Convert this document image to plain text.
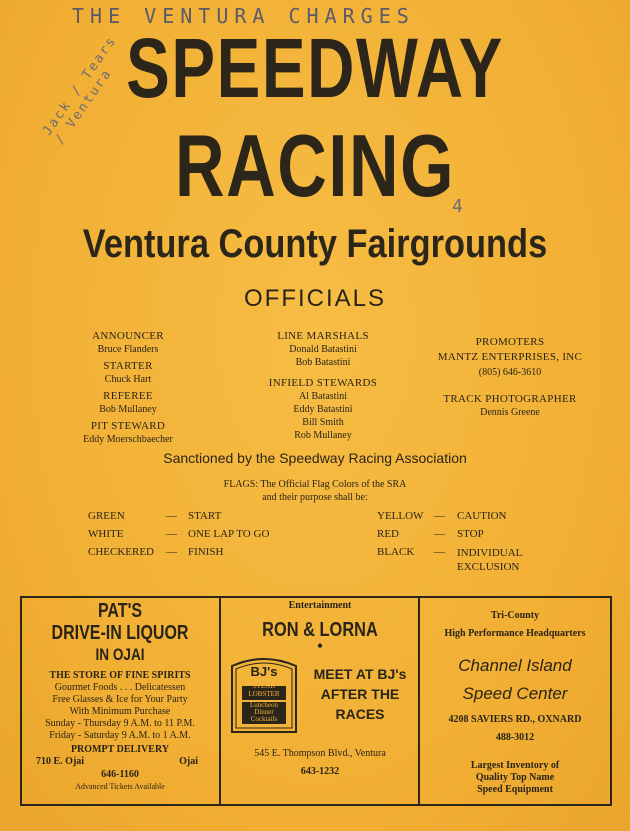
THE VENTURA CHARGES
Jack / Tears / Ventura
4
SPEEDWAY
RACING
Ventura County Fairgrounds
OFFICIALS
ANNOUNCER
Bruce Flanders
STARTER
Chuck Hart
REFEREE
Bob Mullaney
PIT STEWARD
Eddy Moerschbaecher
LINE MARSHALS
Donald Batastini
Bob Batastini
INFIELD STEWARDS
Al Batastini
Eddy Batastini
Bill Smith
Rob Mullaney
PROMOTERS
MANTZ ENTERPRISES, INC
(805) 646-3610
TRACK PHOTOGRAPHER
Dennis Greene
Sanctioned by the Speedway Racing Association
FLAGS: The Official Flag Colors of the SRA
and their purpose shall be:
GREEN	— START
WHITE	— ONE LAP TO GO
CHECKERED — FINISH
YELLOW — CAUTION
RED	— STOP
BLACK — INDIVIDUAL EXCLUSION
PAT'S
DRIVE-IN LIQUOR
IN OJAI
THE STORE OF FINE SPIRITS
Gourmet Foods . . . Delicatessen
Free Glasses & Ice for Your Party
With Minimum Purchase
Sunday - Thursday 9 A.M. to 11 P.M.
Friday - Saturday 9 A.M. to 1 A.M.
PROMPT DELIVERY
710 E. Ojai	Ojai
646-1160
Advanced Tickets Available
Entertainment
RON & LORNA
•
BJ's
STEAK
LOBSTER
Luncheon
Dinner
Cocktails
MEET AT BJ's
AFTER THE
RACES
545 E. Thompson Blvd., Ventura
643-1232
Tri-County
High Performance Headquarters
Channel Island
Speed Center
4208 SAVIERS RD., OXNARD
488-3012
Largest Inventory of
Quality Top Name
Speed Equipment
